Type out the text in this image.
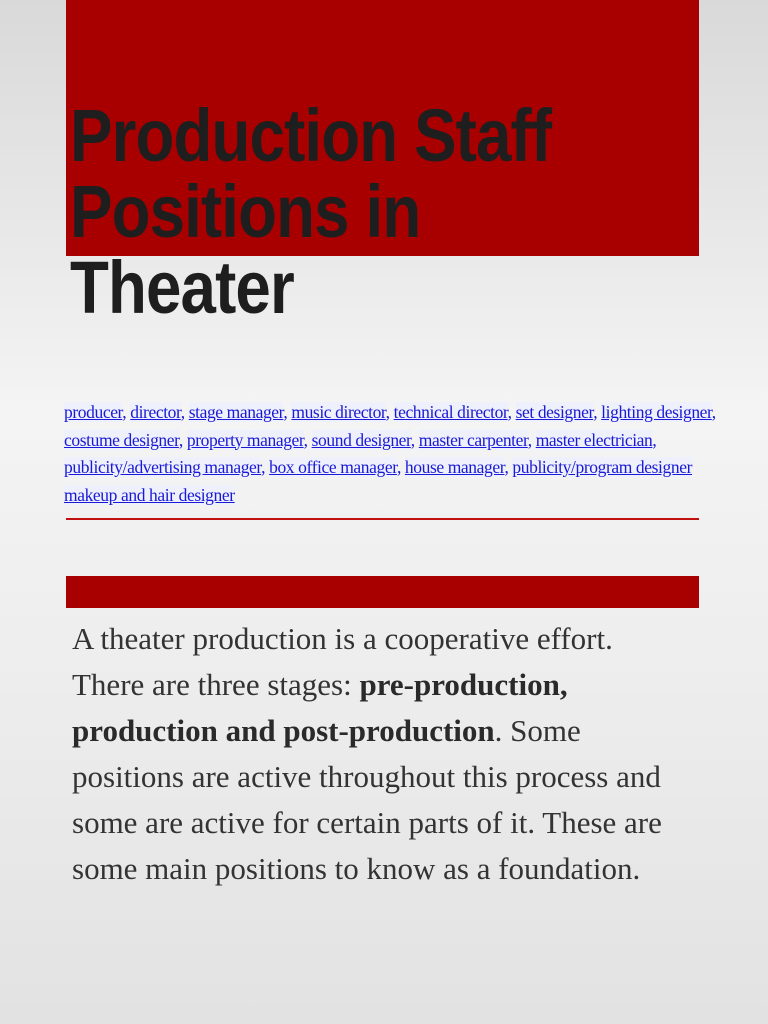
Production Staff
Positions in
Theater
producer, director, stage manager, music director, technical director, set designer, lighting designer, costume designer, property manager, sound designer, master carpenter, master electrician, publicity/advertising manager, box office manager, house manager, publicity/program designer makeup and hair designer

A theater production is a cooperative effort. There are three stages: pre-production, production and post-production. Some positions are active throughout this process and some are active for certain parts of it. These are some main positions to know as a foundation.
